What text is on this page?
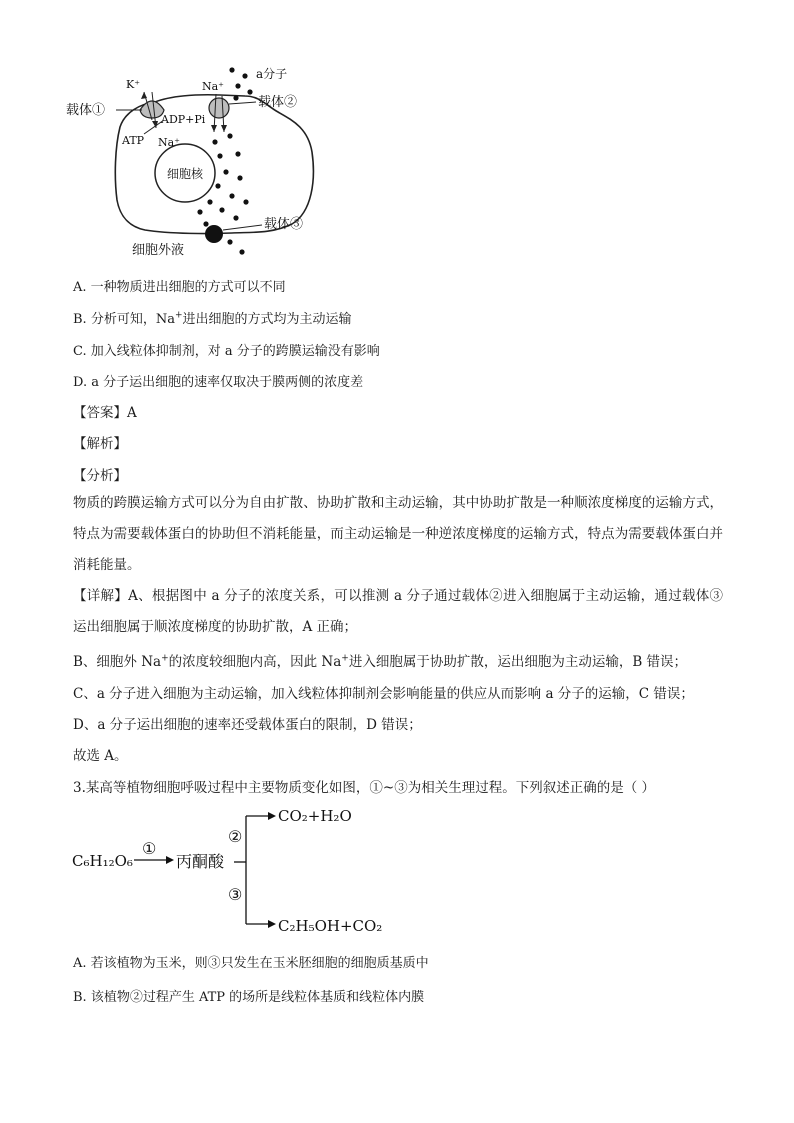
细胞核
载体①
K⁺
ADP+Pi
ATP Na⁺
载体②
Na⁺
a分子
载体③
细胞外液
A. 一种物质进出细胞的方式可以不同
B. 分析可知，Na+进出细胞的方式均为主动运输
C. 加入线粒体抑制剂，对 a 分子的跨膜运输没有影响
D. a 分子运出细胞的速率仅取决于膜两侧的浓度差
【答案】A
【解析】
【分析】
物质的跨膜运输方式可以分为自由扩散、协助扩散和主动运输，其中协助扩散是一种顺浓度梯度的运输方式，特点为需要载体蛋白的协助但不消耗能量，而主动运输是一种逆浓度梯度的运输方式，特点为需要载体蛋白并消耗能量。
【详解】A、根据图中 a 分子的浓度关系，可以推测 a 分子通过载体②进入细胞属于主动运输，通过载体③运出细胞属于顺浓度梯度的协助扩散，A 正确；
B、细胞外 Na+的浓度较细胞内高，因此 Na+进入细胞属于协助扩散，运出细胞为主动运输，B 错误；
C、a 分子进入细胞为主动运输，加入线粒体抑制剂会影响能量的供应从而影响 a 分子的运输，C 错误；
D、a 分子运出细胞的速率还受载体蛋白的限制，D 错误；
故选 A。
3.某高等植物细胞呼吸过程中主要物质变化如图，①~③为相关生理过程。下列叙述正确的是（ ）
C₆H₁₂O₆
①
丙酮酸
②
③
CO₂+H₂O
C₂H₅OH+CO₂
A. 若该植物为玉米，则③只发生在玉米胚细胞的细胞质基质中
B. 该植物②过程产生 ATP 的场所是线粒体基质和线粒体内膜
